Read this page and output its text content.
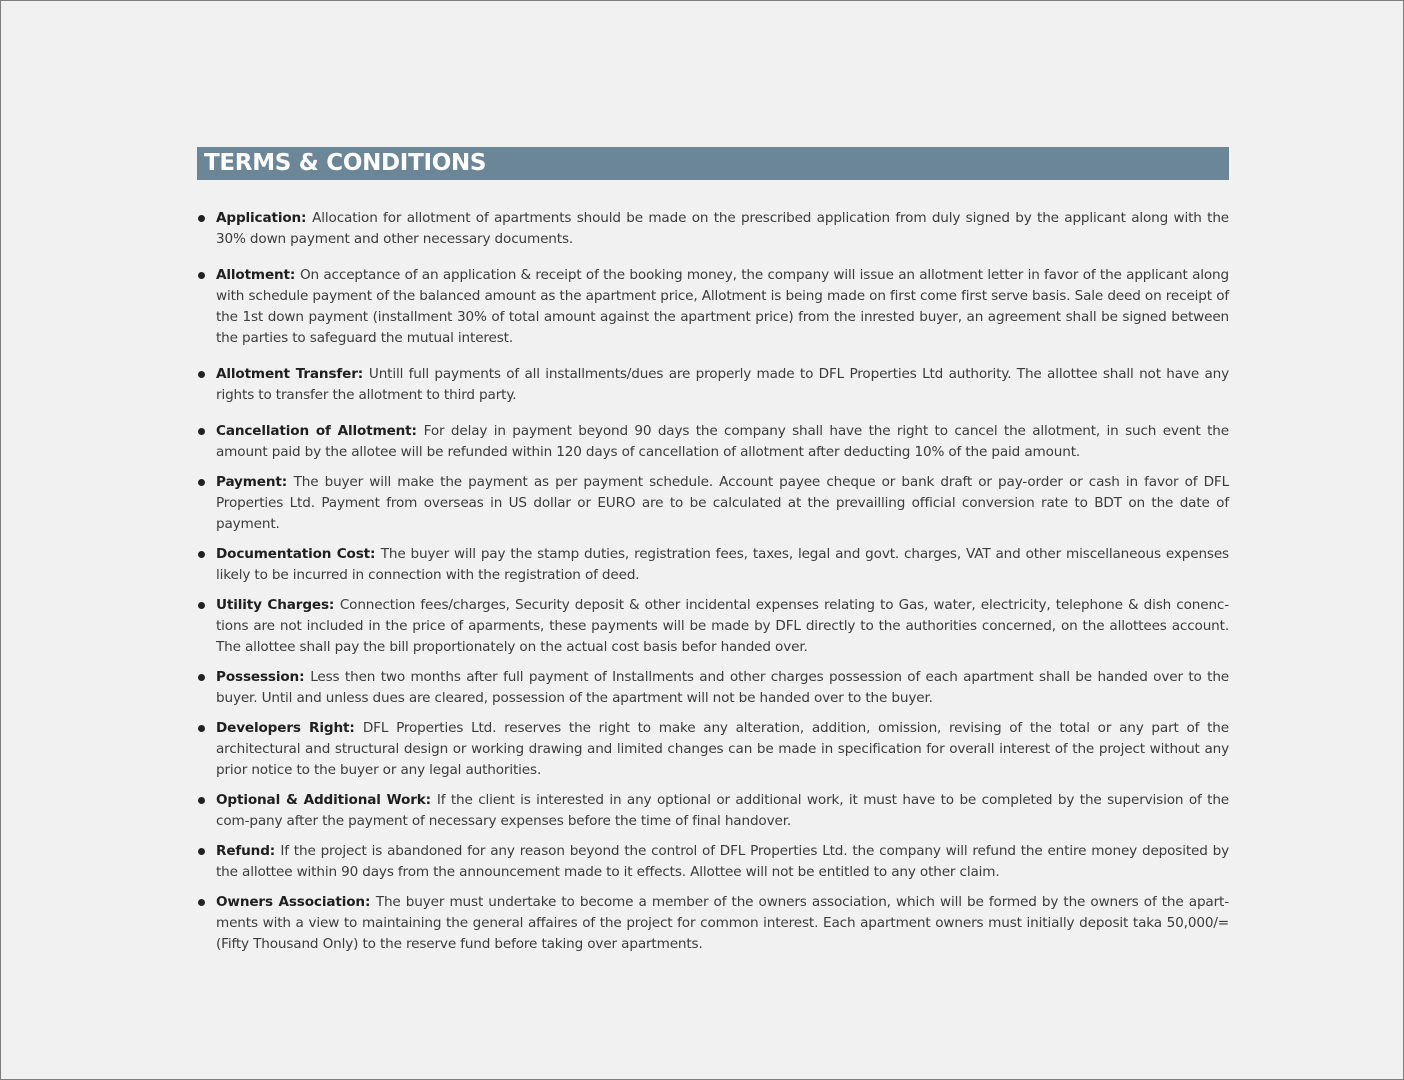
TERMS & CONDITIONS
Application: Allocation for allotment of apartments should be made on the prescribed application from duly signed by the applicant along with the 30% down payment and other necessary documents.
Allotment: On acceptance of an application & receipt of the booking money, the company will issue an allotment letter in favor of the applicant along with schedule payment of the balanced amount as the apartment price, Allotment is being made on first come first serve basis. Sale deed on receipt of the 1st down payment (installment 30% of total amount against the apartment price) from the inrested buyer, an agreement shall be signed between the parties to safeguard the mutual interest.
Allotment Transfer: Untill full payments of all installments/dues are properly made to DFL Properties Ltd authority. The allottee shall not have any rights to transfer the allotment to third party.
Cancellation of Allotment: For delay in payment beyond 90 days the company shall have the right to cancel the allotment, in such event the amount paid by the allotee will be refunded within 120 days of cancellation of allotment after deducting 10% of the paid amount.
Payment: The buyer will make the payment as per payment schedule. Account payee cheque or bank draft or pay-order or cash in favor of DFL Properties Ltd. Payment from overseas in US dollar or EURO are to be calculated at the prevailling official conversion rate to BDT on the date of payment.
Documentation Cost: The buyer will pay the stamp duties, registration fees, taxes, legal and govt. charges, VAT and other miscellaneous expenses likely to be incurred in connection with the registration of deed.
Utility Charges: Connection fees/charges, Security deposit & other incidental expenses relating to Gas, water, electricity, telephone & dish conenc-tions are not included in the price of aparments, these payments will be made by DFL directly to the authorities concerned, on the allottees account. The allottee shall pay the bill proportionately on the actual cost basis befor handed over.
Possession: Less then two months after full payment of Installments and other charges possession of each apartment shall be handed over to the buyer. Until and unless dues are cleared, possession of the apartment will not be handed over to the buyer.
Developers Right: DFL Properties Ltd. reserves the right to make any alteration, addition, omission, revising of the total or any part of the architectural and structural design or working drawing and limited changes can be made in specification for overall interest of the project without any prior notice to the buyer or any legal authorities.
Optional & Additional Work: If the client is interested in any optional or additional work, it must have to be completed by the supervision of the com-pany after the payment of necessary expenses before the time of final handover.
Refund: If the project is abandoned for any reason beyond the control of DFL Properties Ltd. the company will refund the entire money deposited by the allottee within 90 days from the announcement made to it effects. Allottee will not be entitled to any other claim.
Owners Association: The buyer must undertake to become a member of the owners association, which will be formed by the owners of the apart-ments with a view to maintaining the general affaires of the project for common interest. Each apartment owners must initially deposit taka 50,000/= (Fifty Thousand Only) to the reserve fund before taking over apartments.
